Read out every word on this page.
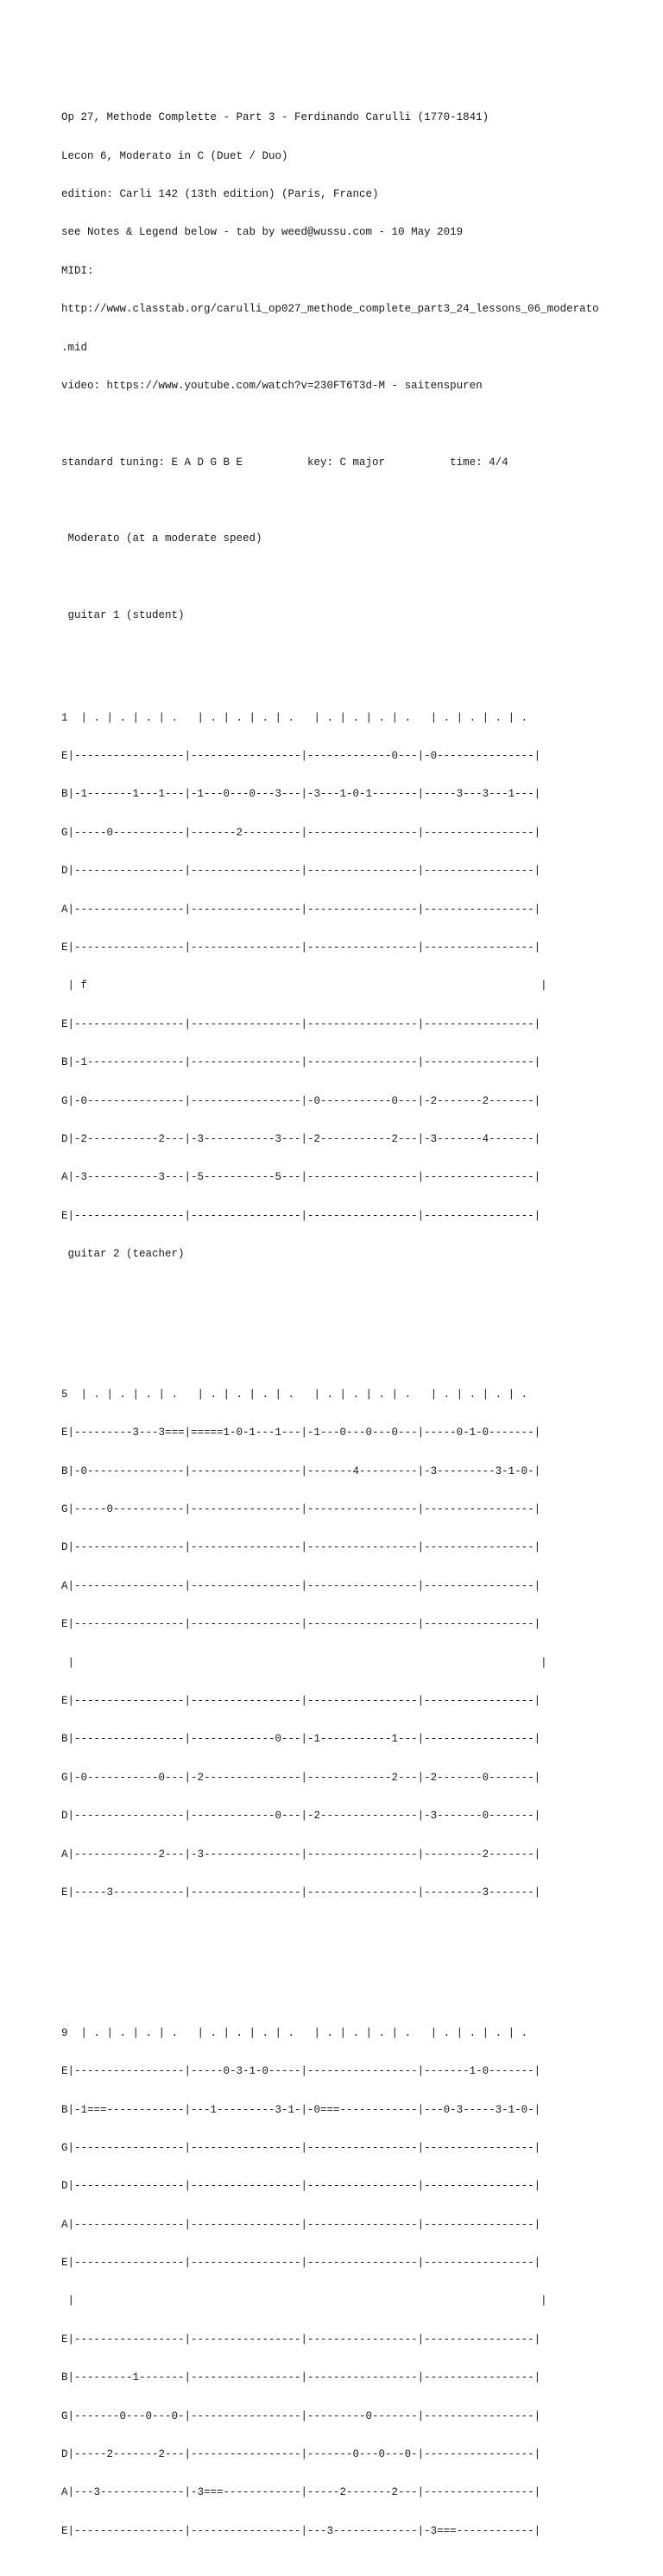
Op 27, Methode Complette - Part 3 - Ferdinando Carulli (1770-1841)

Lecon 6, Moderato in C (Duet / Duo)

edition: Carli 142 (13th edition) (Paris, France)

see Notes & Legend below - tab by weed@wussu.com - 10 May 2019

MIDI:

http://www.classtab.org/carulli_op027_methode_complete_part3_24_lessons_06_moderato

.mid

video: https://www.youtube.com/watch?v=230FT6T3d-M - saitenspuren

standard tuning: E A D G B E          key: C major          time: 4/4

Moderato (at a moderate speed)

guitar 1 (student)

1  | . | . | . | .   | . | . | . | .   | . | . | . | .   | . | . | . | .

E|-----------------|-----------------|-------------0---|-0---------------|

B|-1-------1---1---|-1---0---0---3---|-3---1-0-1-------|-----3---3---1---|

G|-----0-----------|-------2---------|-----------------|-----------------|

D|-----------------|-----------------|-----------------|-----------------|

A|-----------------|-----------------|-----------------|-----------------|

E|-----------------|-----------------|-----------------|-----------------|

| f                                                                      |

E|-----------------|-----------------|-----------------|-----------------|

B|-1---------------|-----------------|-----------------|-----------------|

G|-0---------------|-----------------|-0-----------0---|-2-------2-------|

D|-2-----------2---|-3-----------3---|-2-----------2---|-3-------4-------|

A|-3-----------3---|-5-----------5---|-----------------|-----------------|

E|-----------------|-----------------|-----------------|-----------------|

guitar 2 (teacher)

5  | . | . | . | .   | . | . | . | .   | . | . | . | .   | . | . | . | .

E|---------3---3===|=====1-0-1---1---|-1---0---0---0---|-----0-1-0-------|

B|-0---------------|-----------------|-------4---------|-3---------3-1-0-|

G|-----0-----------|-----------------|-----------------|-----------------|

D|-----------------|-----------------|-----------------|-----------------|

A|-----------------|-----------------|-----------------|-----------------|

E|-----------------|-----------------|-----------------|-----------------|

|                                                                        |

E|-----------------|-----------------|-----------------|-----------------|

B|-----------------|-------------0---|-1-----------1---|-----------------|

G|-0-----------0---|-2---------------|-------------2---|-2-------0-------|

D|-----------------|-------------0---|-2---------------|-3-------0-------|

A|-------------2---|-3---------------|-----------------|---------2-------|

E|-----3-----------|-----------------|-----------------|---------3-------|

9  | . | . | . | .   | . | . | . | .   | . | . | . | .   | . | . | . | .

E|-----------------|-----0-3-1-0-----|-----------------|-------1-0-------|

B|-1===------------|---1---------3-1-|-0===------------|---0-3-----3-1-0-|

G|-----------------|-----------------|-----------------|-----------------|

D|-----------------|-----------------|-----------------|-----------------|

A|-----------------|-----------------|-----------------|-----------------|

E|-----------------|-----------------|-----------------|-----------------|

|                                                                        |

E|-----------------|-----------------|-----------------|-----------------|

B|---------1-------|-----------------|-----------------|-----------------|

G|-------0---0---0-|-----------------|---------0-------|-----------------|

D|-----2-------2---|-----------------|-------0---0---0-|-----------------|

A|---3-------------|-3===------------|-----2-------2---|-----------------|

E|-----------------|-----------------|---3-------------|-3===------------|
